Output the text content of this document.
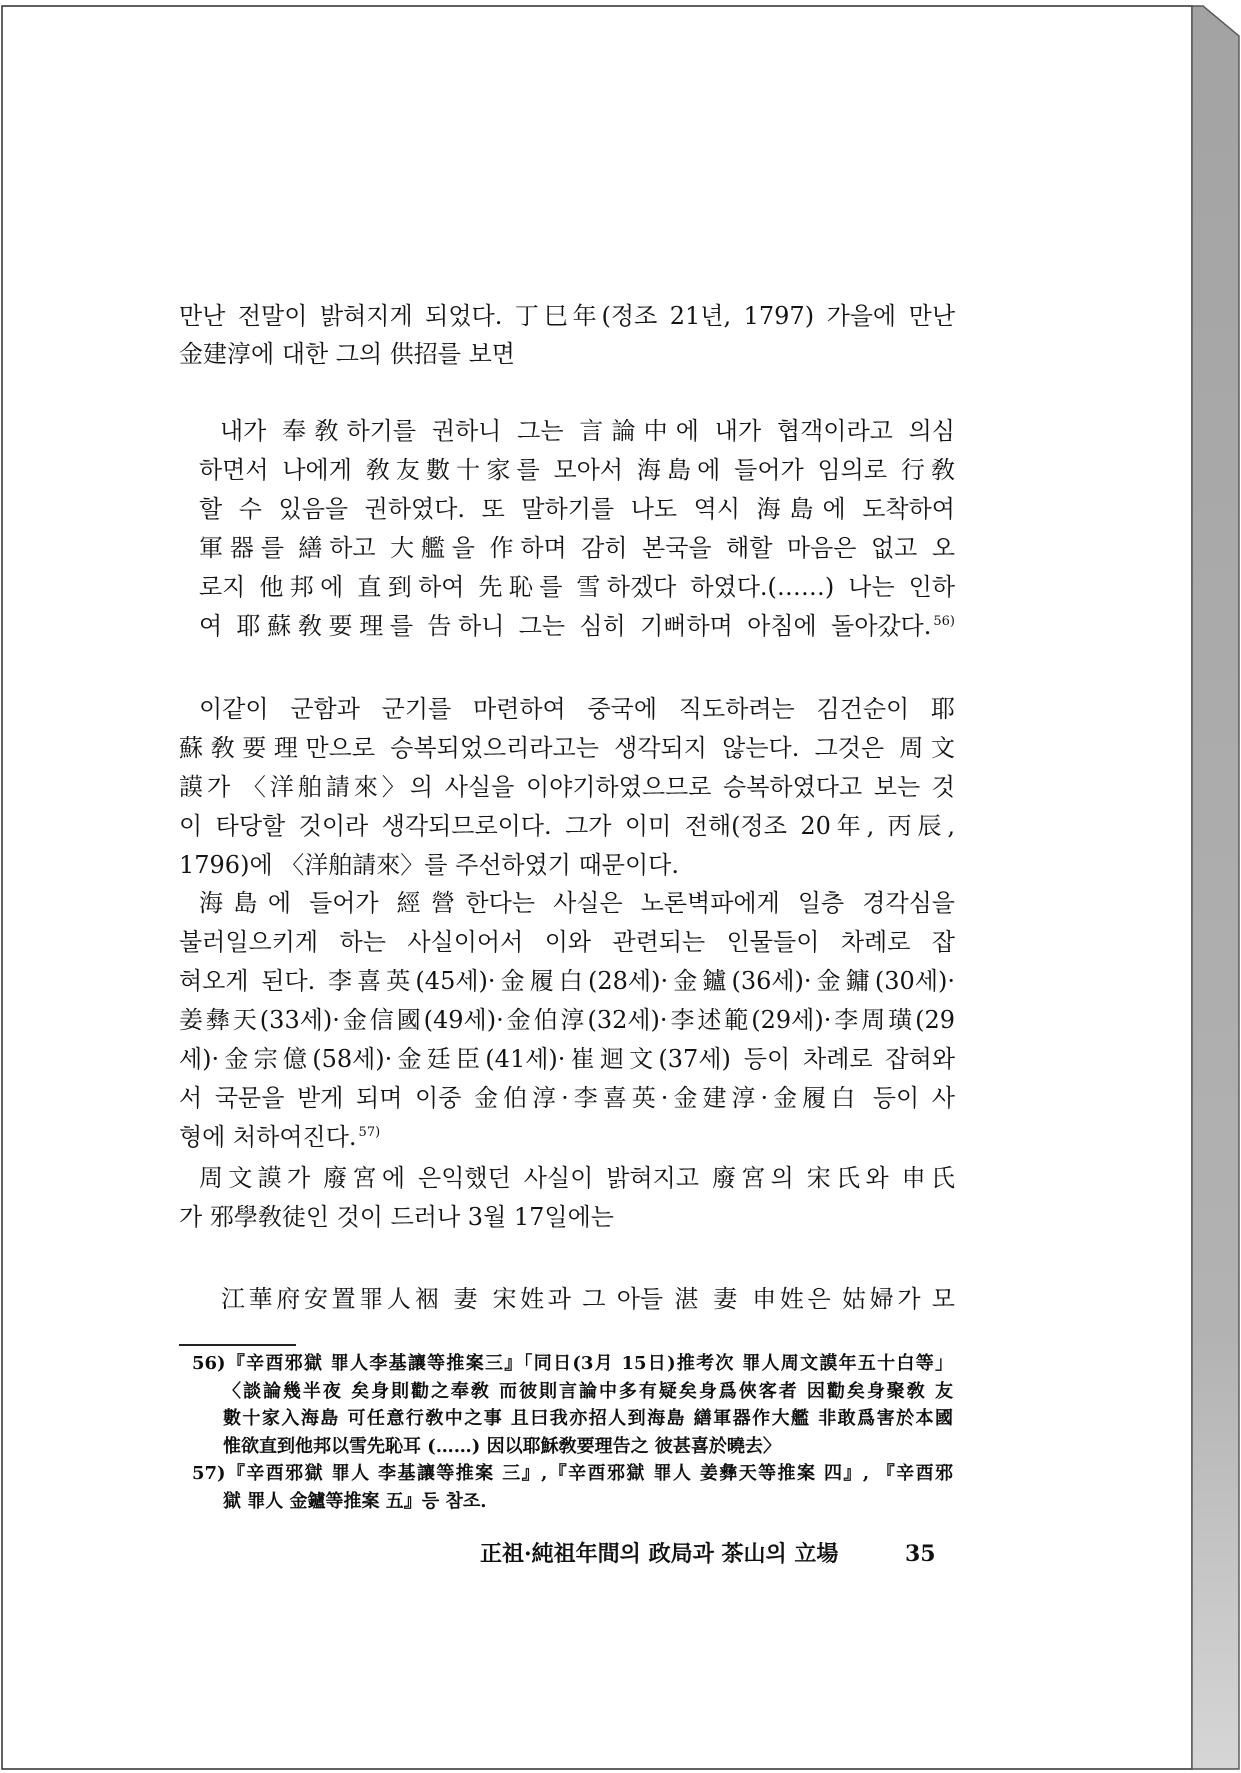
만난 전말이 밝혀지게 되었다. 丁巳年(정조 21년, 1797) 가을에 만난
金建淳에 대한 그의 供招를 보면
내가 奉敎하기를 권하니 그는 言論中에 내가 협객이라고 의심
하면서 나에게 敎友數十家를 모아서 海島에 들어가 임의로 行敎
할 수 있음을 권하였다. 또 말하기를 나도 역시 海島에 도착하여
軍器를 繕하고 大艦을 作하며 감히 본국을 해할 마음은 없고 오
로지 他邦에 直到하여 先恥를 雪하겠다 하였다.(……) 나는 인하
여 耶蘇敎要理를 告하니 그는 심히 기뻐하며 아침에 돌아갔다. $^{56)}$
이같이 군함과 군기를 마련하여 중국에 직도하려는 김건순이 耶
蘇敎要理만으로 승복되었으리라고는 생각되지 않는다. 그것은 周文
謨가 〈洋舶請來〉의 사실을 이야기하였으므로 승복하였다고 보는 것
이 타당할 것이라 생각되므로이다. 그가 이미 전해(정조 20年, 丙辰,
1796)에 〈洋舶請來〉를 주선하였기 때문이다.
海島에 들어가 經營한다는 사실은 노론벽파에게 일층 경각심을
불러일으키게 하는 사실이어서 이와 관련되는 인물들이 차례로 잡
혀오게 된다. 李喜英(45세)·金履白(28세)·金鑪(36세)·金鏞(30세)·
姜彝天(33세)·金信國(49세)·金伯淳(32세)·李述範(29세)·李周璜(29
세)·金宗億(58세)·金廷臣(41세)·崔迴文(37세) 등이 차례로 잡혀와
서 국문을 받게 되며 이중 金伯淳·李喜英·金建淳·金履白 등이 사
형에 처하여진다. $^{57)}$
周文謨가 廢宮에 은익했던 사실이 밝혀지고 廢宮의 宋氏와 申氏
가 邪學敎徒인 것이 드러나 3월 17일에는
江華府安置罪人裀 妻 宋姓과 그 아들 湛 妻 申姓은 姑婦가 모
56)『辛酉邪獄 罪人李基讓等推案三』「同日(3月 15日)推考次 罪人周文謨年五十白等」
〈談論幾半夜 矣身則勸之奉敎 而彼則言論中多有疑矣身爲俠客者 因勸矣身聚敎 友
數十家入海島 可任意行敎中之事 且曰我亦招人到海島 繕軍器作大艦 非敢爲害於本國
惟欲直到他邦以雪先恥耳 (……) 因以耶穌敎要理告之 彼甚喜於曉去〉
57)『辛酉邪獄 罪人 李基讓等推案 三』,『辛酉邪獄 罪人 姜彝天等推案 四』, 『辛酉邪
獄 罪人 金鑪等推案 五』등 참조.
正祖·純祖年間의 政局과 茶山의 立場	35
